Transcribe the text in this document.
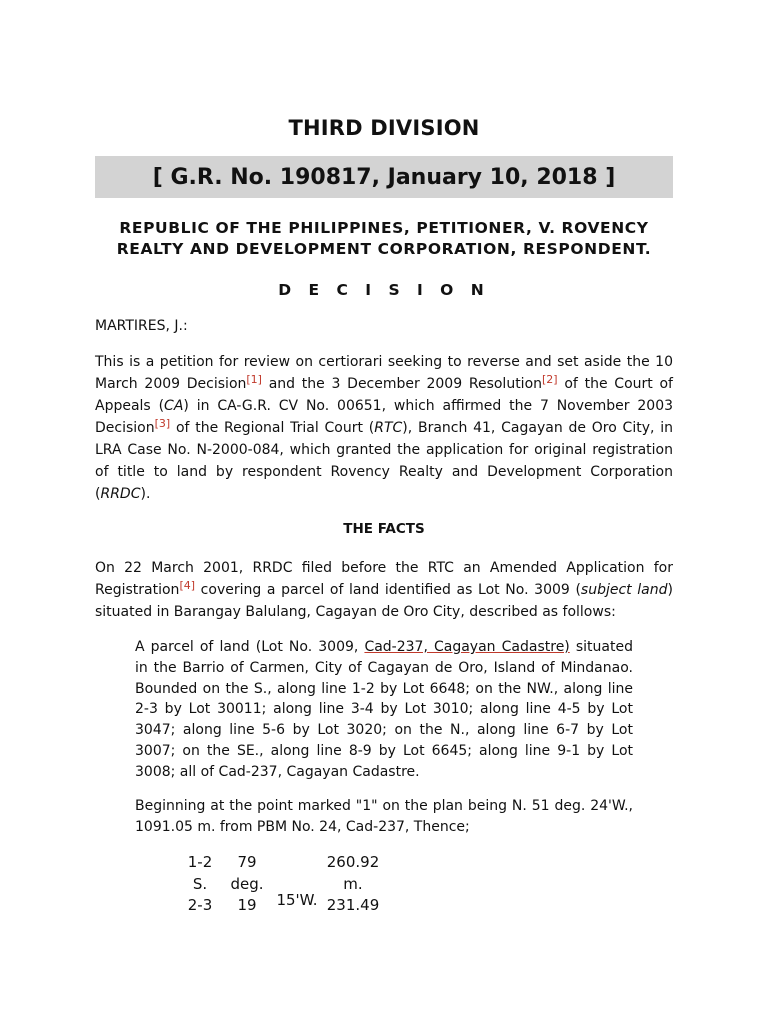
THIRD DIVISION
[ G.R. No. 190817, January 10, 2018 ]
REPUBLIC OF THE PHILIPPINES, PETITIONER, V. ROVENCY
REALTY AND DEVELOPMENT CORPORATION, RESPONDENT.
D E C I S I O N
MARTIRES, J.:
This is a petition for review on certiorari seeking to reverse and set aside the 10 March 2009 Decision[1] and the 3 December 2009 Resolution[2] of the Court of Appeals (CA) in CA-G.R. CV No. 00651, which affirmed the 7 November 2003 Decision[3] of the Regional Trial Court (RTC), Branch 41, Cagayan de Oro City, in LRA Case No. N-2000-084, which granted the application for original registration of title to land by respondent Rovency Realty and Development Corporation (RRDC).
THE FACTS
On 22 March 2001, RRDC filed before the RTC an Amended Application for Registration[4] covering a parcel of land identified as Lot No. 3009 (subject land) situated in Barangay Balulang, Cagayan de Oro City, described as follows:
A parcel of land (Lot No. 3009, Cad-237, Cagayan Cadastre) situated in the Barrio of Carmen, City of Cagayan de Oro, Island of Mindanao. Bounded on the S., along line 1-2 by Lot 6648; on the NW., along line 2-3 by Lot 30011; along line 3-4 by Lot 3010; along line 4-5 by Lot 3047; along line 5-6 by Lot 3020; on the N., along line 6-7 by Lot 3007; on the SE., along line 8-9 by Lot 6645; along line 9-1 by Lot 3008; all of Cad-237, Cagayan Cadastre.
Beginning at the point marked "1" on the plan being N. 51 deg. 24'W., 1091.05 m. from PBM No. 24, Cad-237, Thence;
1-2
S.
2-3
79
deg.
19	15'W.
260.92
m.
231.49
